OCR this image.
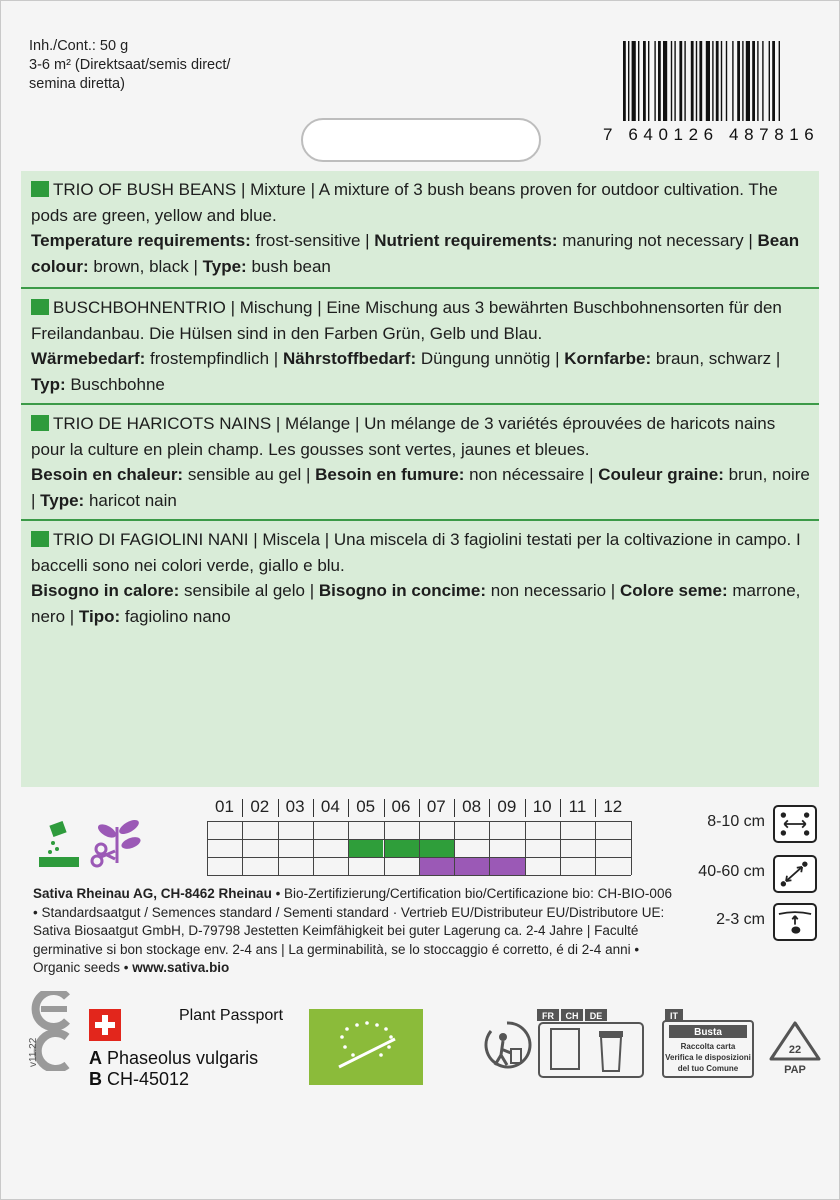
Inh./Cont.: 50 g
3-6 m² (Direktsaat/semis direct/
semina diretta)
7 640126 487816
TRIO OF BUSH BEANS | Mixture | A mixture of 3 bush beans proven for outdoor cultivation. The pods are green, yellow and blue.
Temperature requirements: frost-sensitive | Nutrient requirements: manuring not necessary | Bean colour: brown, black | Type: bush bean
BUSCHBOHNENTRIO | Mischung | Eine Mischung aus 3 bewährten Buschbohnensorten für den Freilandanbau. Die Hülsen sind in den Farben Grün, Gelb und Blau.
Wärmebedarf: frostempfindlich | Nährstoffbedarf: Düngung unnötig | Kornfarbe: braun, schwarz | Typ: Buschbohne
TRIO DE HARICOTS NAINS | Mélange | Un mélange de 3 variétés éprouvées de haricots nains pour la culture en plein champ. Les gousses sont vertes, jaunes et bleues.
Besoin en chaleur: sensible au gel | Besoin en fumure: non nécessaire | Couleur graine: brun, noire | Type: haricot nain
TRIO DI FAGIOLINI NANI | Miscela | Una miscela di 3 fagiolini testati per la coltivazione in campo. I baccelli sono nei colori verde, giallo e blu.
Bisogno in calore: sensibile al gelo | Bisogno in concime: non necessario | Colore seme: marrone, nero | Tipo: fagiolino nano
01 02 03 04 05 06 07 08 09 10	11	12
8-10 cm
40-60 cm
2-3 cm
Sativa Rheinau AG, CH-8462 Rheinau • Bio-Zertifizierung/Certification bio/Certificazione bio: CH-BIO-006 • Standardsaatgut / Semences standard / Sementi standard · Vertrieb EU/Distributeur EU/Distributore UE: Sativa Biosaatgut GmbH, D-79798 Jestetten Keimfähigkeit bei guter Lagerung ca. 2-4 Jahre | Faculté germinative si bon stockage env. 2-4 ans | La germinabilità, se lo stoccaggio é corretto, é di 2-4 anni • Organic seeds • www.sativa.bio
v11.22
Plant Passport
A Phaseolus vulgaris
B CH-45012
FR CH DE	IT
Busta
Raccolta carta
Verifica le disposizioni
del tuo Comune
22
PAP
